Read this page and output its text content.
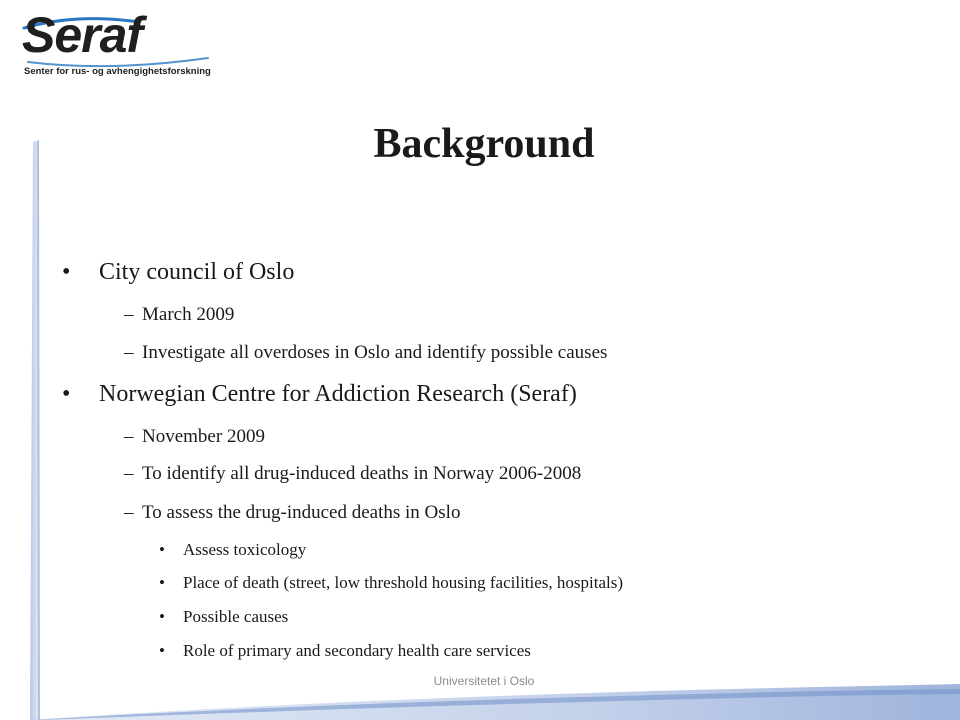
Seraf
Senter for rus- og avhengighetsforskning
Background
• City council of Oslo
– March 2009
– Investigate all overdoses in Oslo and identify possible causes
• Norwegian Centre for Addiction Research (Seraf)
– November 2009
– To identify all drug-induced deaths in Norway 2006-2008
– To assess the drug-induced deaths in Oslo
• Assess toxicology
• Place of death (street, low threshold housing facilities, hospitals)
• Possible causes
• Role of primary and secondary health care services
Universitetet i Oslo
